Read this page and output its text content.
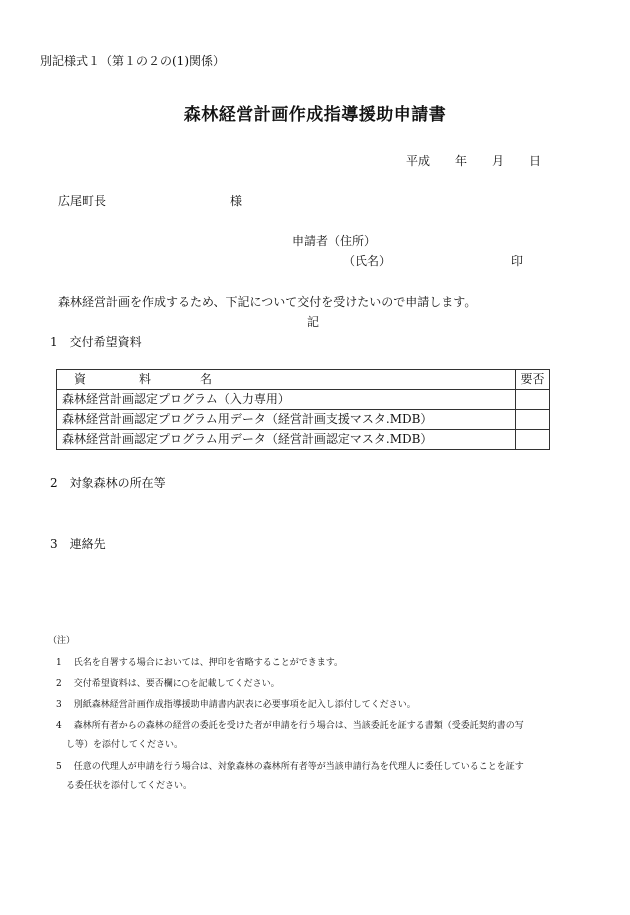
別記様式１（第１の２の(1)関係）
森林経営計画作成指導援助申請書
平成 年 月 日
広尾町長	様
申請者（住所）
（氏名）	印
森林経営計画を作成するため、下記について交付を受けたいので申請します。
記
1　交付希望資料
資 料 名	要否
森林経営計画認定プログラム（入力専用）	
森林経営計画認定プログラム用データ（経営計画支援マスタ.MDB）	
森林経営計画認定プログラム用データ（経営計画認定マスタ.MDB）	
2　対象森林の所在等
3　連絡先
（注）
1 氏名を自署する場合においては、押印を省略することができます。
2 交付希望資料は、要否欄に○を記載してください。
3 別紙森林経営計画作成指導援助申請書内訳表に必要事項を記入し添付してください。
4 森林所有者からの森林の経営の委託を受けた者が申請を行う場合は、当該委託を証する書類（受委託契約書の写
し等）を添付してください。
5 任意の代理人が申請を行う場合は、対象森林の森林所有者等が当該申請行為を代理人に委任していることを証す
る委任状を添付してください。
